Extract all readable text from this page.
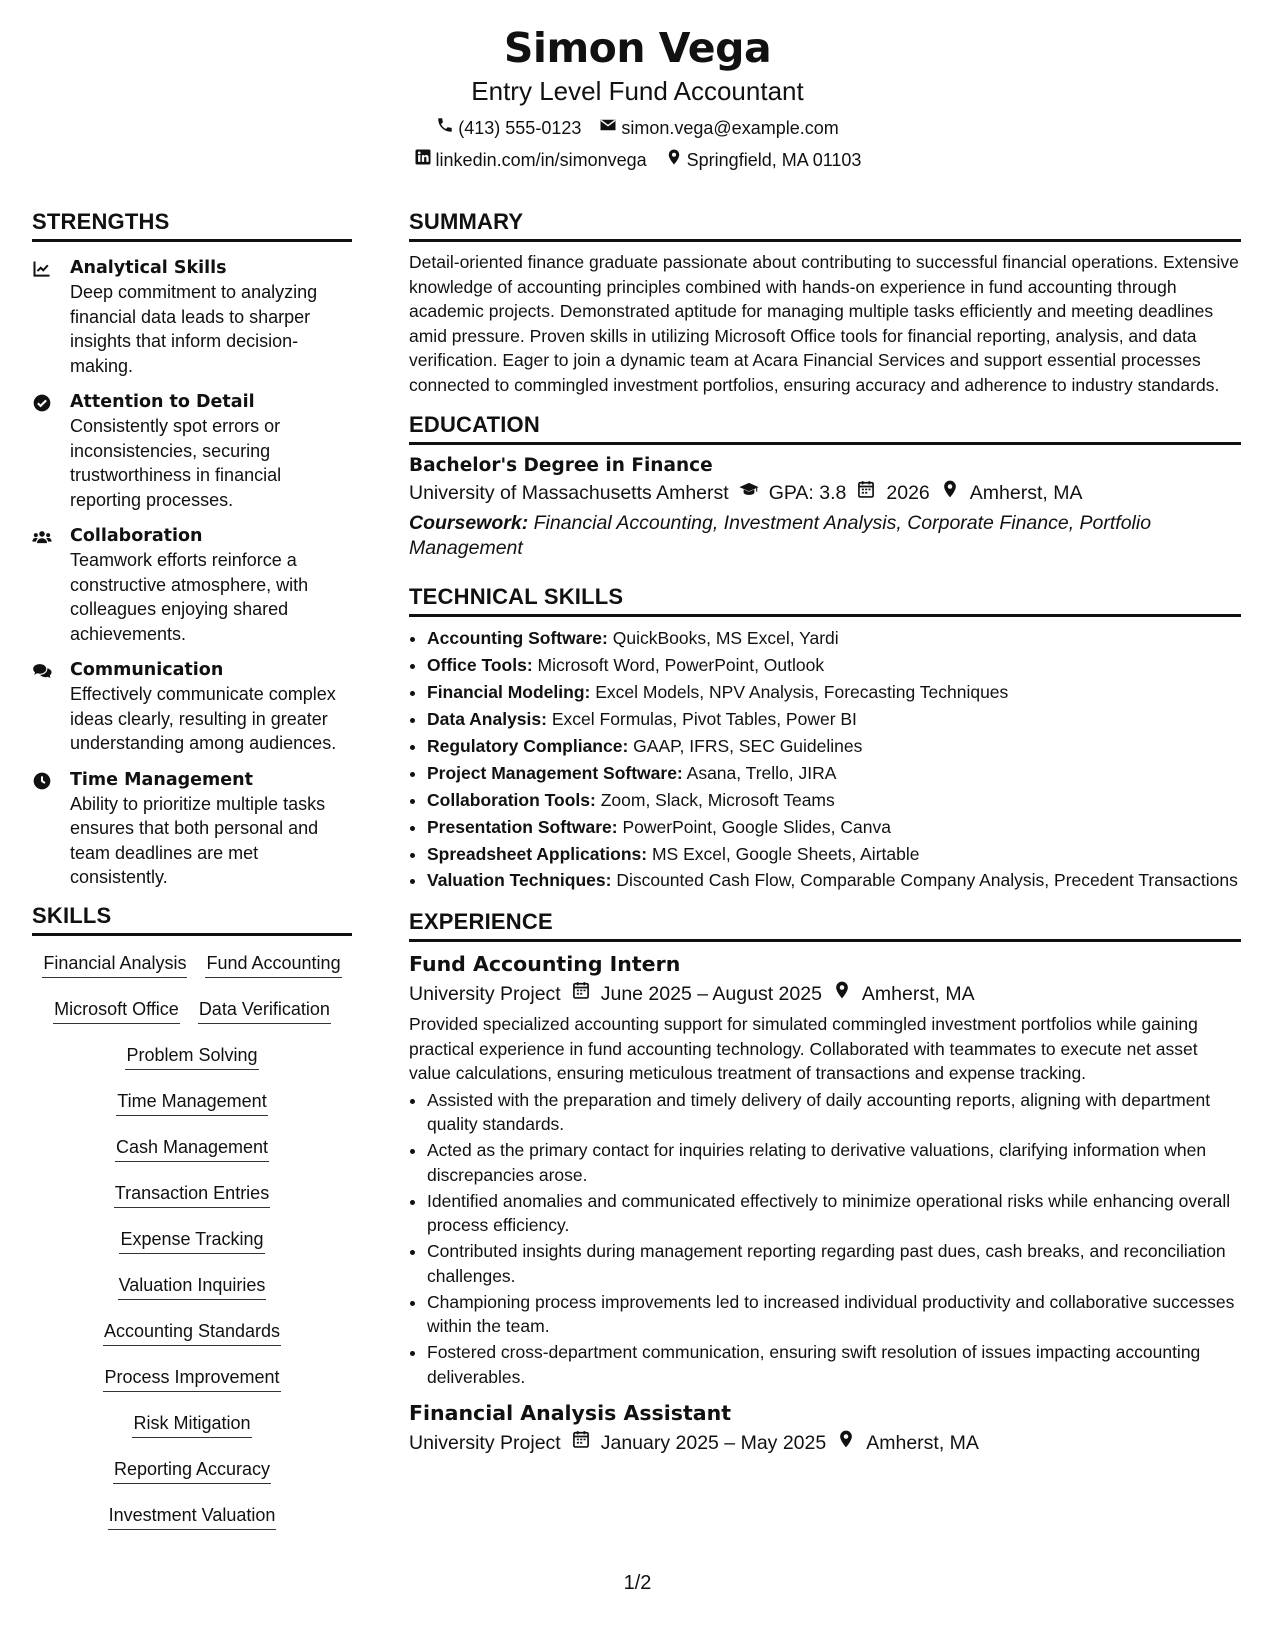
Simon Vega
Entry Level Fund Accountant
(413) 555-0123 simon.vega@example.com
linkedin.com/in/simonvega Springfield, MA 01103
STRENGTHS
Analytical Skills
Deep commitment to analyzing financial data leads to sharper insights that inform decision-making.
Attention to Detail
Consistently spot errors or inconsistencies, securing trustworthiness in financial reporting processes.
Collaboration
Teamwork efforts reinforce a constructive atmosphere, with colleagues enjoying shared achievements.
Communication
Effectively communicate complex ideas clearly, resulting in greater understanding among audiences.
Time Management
Ability to prioritize multiple tasks ensures that both personal and team deadlines are met consistently.
SKILLS
Financial Analysis Fund Accounting
Microsoft Office Data Verification
Problem Solving
Time Management
Cash Management
Transaction Entries
Expense Tracking
Valuation Inquiries
Accounting Standards
Process Improvement
Risk Mitigation
Reporting Accuracy
Investment Valuation
SUMMARY

Detail-oriented finance graduate passionate about contributing to successful financial operations. Extensive knowledge of accounting principles combined with hands-on experience in fund accounting through academic projects. Demonstrated aptitude for managing multiple tasks efficiently and meeting deadlines amid pressure. Proven skills in utilizing Microsoft Office tools for financial reporting, analysis, and data verification. Eager to join a dynamic team at Acara Financial Services and support essential processes connected to commingled investment portfolios, ensuring accuracy and adherence to industry standards.

EDUCATION
Bachelor's Degree in Finance
University of Massachusetts Amherst GPA: 3.8 2026 Amherst, MA
Coursework: Financial Accounting, Investment Analysis, Corporate Finance, Portfolio Management
TECHNICAL SKILLS
• Accounting Software: QuickBooks, MS Excel, Yardi
• Office Tools: Microsoft Word, PowerPoint, Outlook
• Financial Modeling: Excel Models, NPV Analysis, Forecasting Techniques
• Data Analysis: Excel Formulas, Pivot Tables, Power BI
• Regulatory Compliance: GAAP, IFRS, SEC Guidelines
• Project Management Software: Asana, Trello, JIRA
• Collaboration Tools: Zoom, Slack, Microsoft Teams
• Presentation Software: PowerPoint, Google Slides, Canva
• Spreadsheet Applications: MS Excel, Google Sheets, Airtable
• Valuation Techniques: Discounted Cash Flow, Comparable Company Analysis, Precedent Transactions
EXPERIENCE
Fund Accounting Intern
University Project June 2025 – August 2025 Amherst, MA

Provided specialized accounting support for simulated commingled investment portfolios while gaining practical experience in fund accounting technology. Collaborated with teammates to execute net asset value calculations, ensuring meticulous treatment of transactions and expense tracking.

• Assisted with the preparation and timely delivery of daily accounting reports, aligning with department quality standards.
• Acted as the primary contact for inquiries relating to derivative valuations, clarifying information when discrepancies arose.
• Identified anomalies and communicated effectively to minimize operational risks while enhancing overall process efficiency.
• Contributed insights during management reporting regarding past dues, cash breaks, and reconciliation challenges.
• Championing process improvements led to increased individual productivity and collaborative successes within the team.
• Fostered cross-department communication, ensuring swift resolution of issues impacting accounting deliverables.
Financial Analysis Assistant
University Project January 2025 – May 2025 Amherst, MA
1/2
